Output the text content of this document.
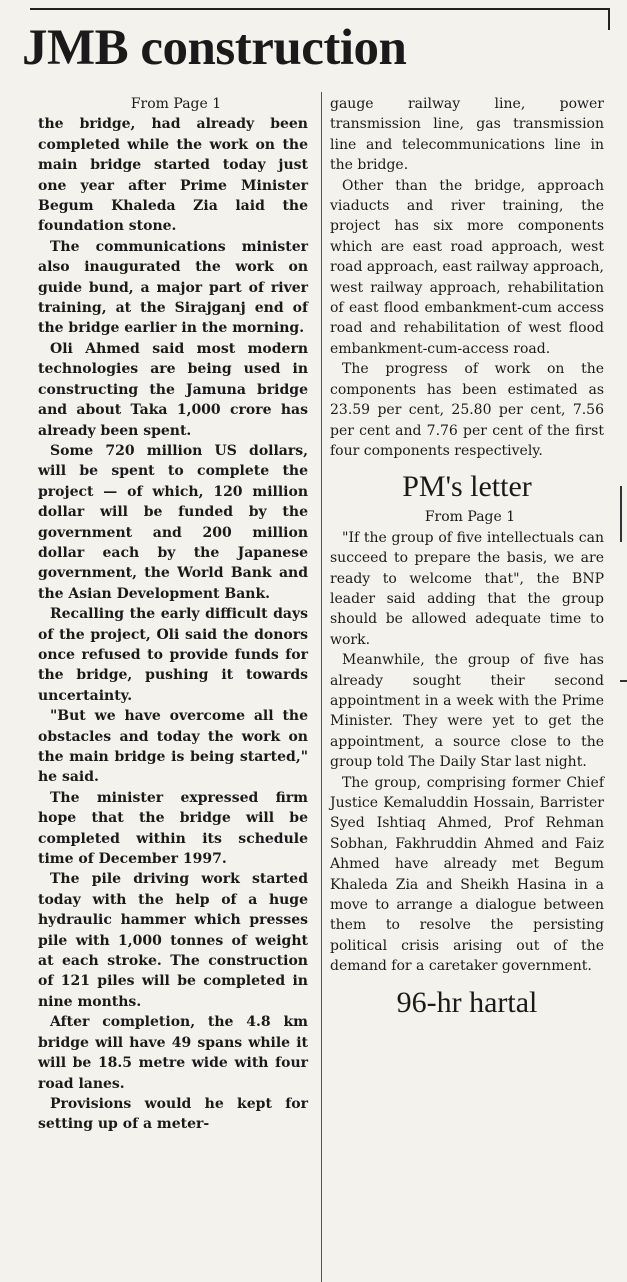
JMB construction
From Page 1

the bridge, had already been completed while the work on the main bridge started today just one year after Prime Minister Begum Khaleda Zia laid the foundation stone.

The communications minister also inaugurated the work on guide bund, a major part of river training, at the Sirajganj end of the bridge earlier in the morning.

Oli Ahmed said most modern technologies are being used in constructing the Jamuna bridge and about Taka 1,000 crore has already been spent.

Some 720 million US dollars, will be spent to complete the project — of which, 120 million dollar will be funded by the government and 200 million dollar each by the Japanese government, the World Bank and the Asian Development Bank.

Recalling the early difficult days of the project, Oli said the donors once refused to provide funds for the bridge, pushing it towards uncertainty.

"But we have overcome all the obstacles and today the work on the main bridge is being started," he said.

The minister expressed firm hope that the bridge will be completed within its schedule time of December 1997.

The pile driving work started today with the help of a huge hydraulic hammer which presses pile with 1,000 tonnes of weight at each stroke. The construction of 121 piles will be completed in nine months.

After completion, the 4.8 km bridge will have 49 spans while it will be 18.5 metre wide with four road lanes.

Provisions would he kept for setting up of a meter-

gauge railway line, power transmission line, gas transmission line and telecommunications line in the bridge.

Other than the bridge, approach viaducts and river training, the project has six more components which are east road approach, west road approach, east railway approach, west railway approach, rehabilitation of east flood embankment-cum access road and rehabilitation of west flood embankment-cum-access road.

The progress of work on the components has been estimated as 23.59 per cent, 25.80 per cent, 7.56 per cent and 7.76 per cent of the first four components respectively.

PM's letter
From Page 1

"If the group of five intellectuals can succeed to prepare the basis, we are ready to welcome that", the BNP leader said adding that the group should be allowed adequate time to work.

Meanwhile, the group of five has already sought their second appointment in a week with the Prime Minister. They were yet to get the appointment, a source close to the group told The Daily Star last night.

The group, comprising former Chief Justice Kemaluddin Hossain, Barrister Syed Ishtiaq Ahmed, Prof Rehman Sobhan, Fakhruddin Ahmed and Faiz Ahmed have already met Begum Khaleda Zia and Sheikh Hasina in a move to arrange a dialogue between them to resolve the persisting political crisis arising out of the demand for a caretaker government.

96-hr hartal
